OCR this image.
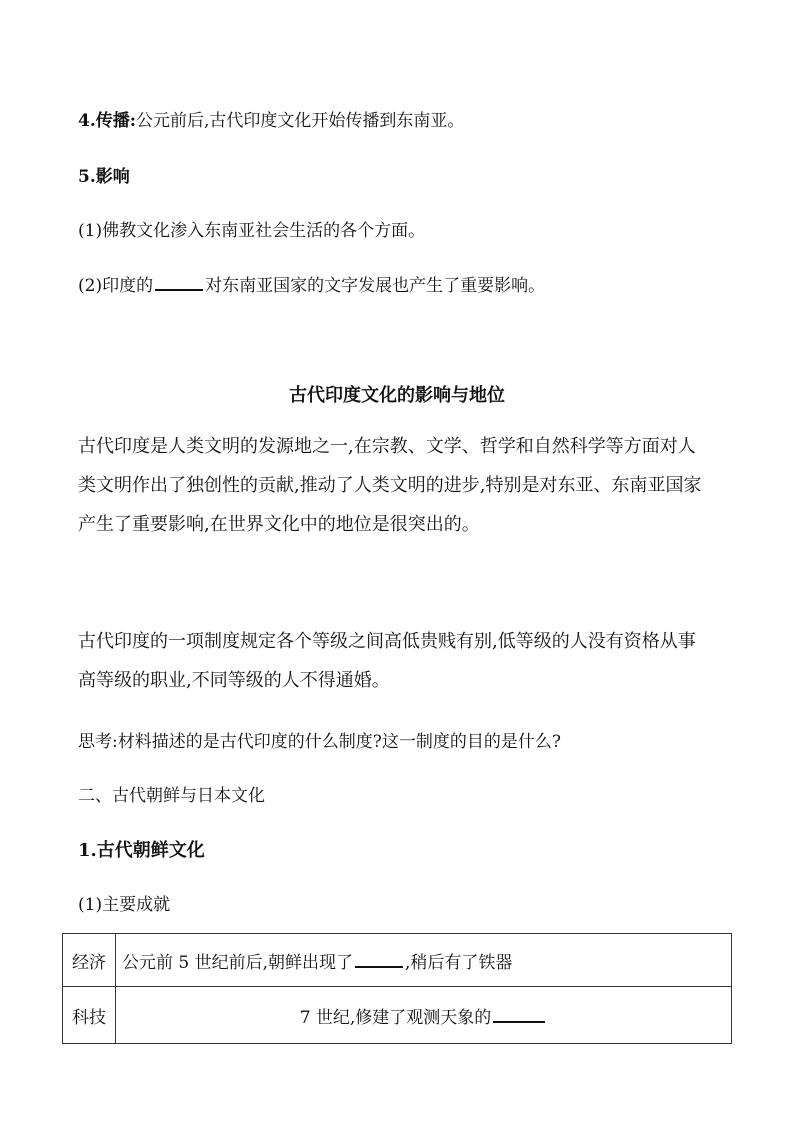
4.传播:公元前后,古代印度文化开始传播到东南亚。
5.影响
(1)佛教文化渗入东南亚社会生活的各个方面。
(2)印度的	对东南亚国家的文字发展也产生了重要影响。
古代印度文化的影响与地位
古代印度是人类文明的发源地之一,在宗教、文学、哲学和自然科学等方面对人
类文明作出了独创性的贡献,推动了人类文明的进步,特别是对东亚、东南亚国家
产生了重要影响,在世界文化中的地位是很突出的。
古代印度的一项制度规定各个等级之间高低贵贱有别,低等级的人没有资格从事
高等级的职业,不同等级的人不得通婚。
思考:材料描述的是古代印度的什么制度?这一制度的目的是什么?
二、古代朝鲜与日本文化
1.古代朝鲜文化
(1)主要成就
经济	公元前 5 世纪前后,朝鲜出现了 ,稍后有了铁器
科技	7 世纪,修建了观测天象的
